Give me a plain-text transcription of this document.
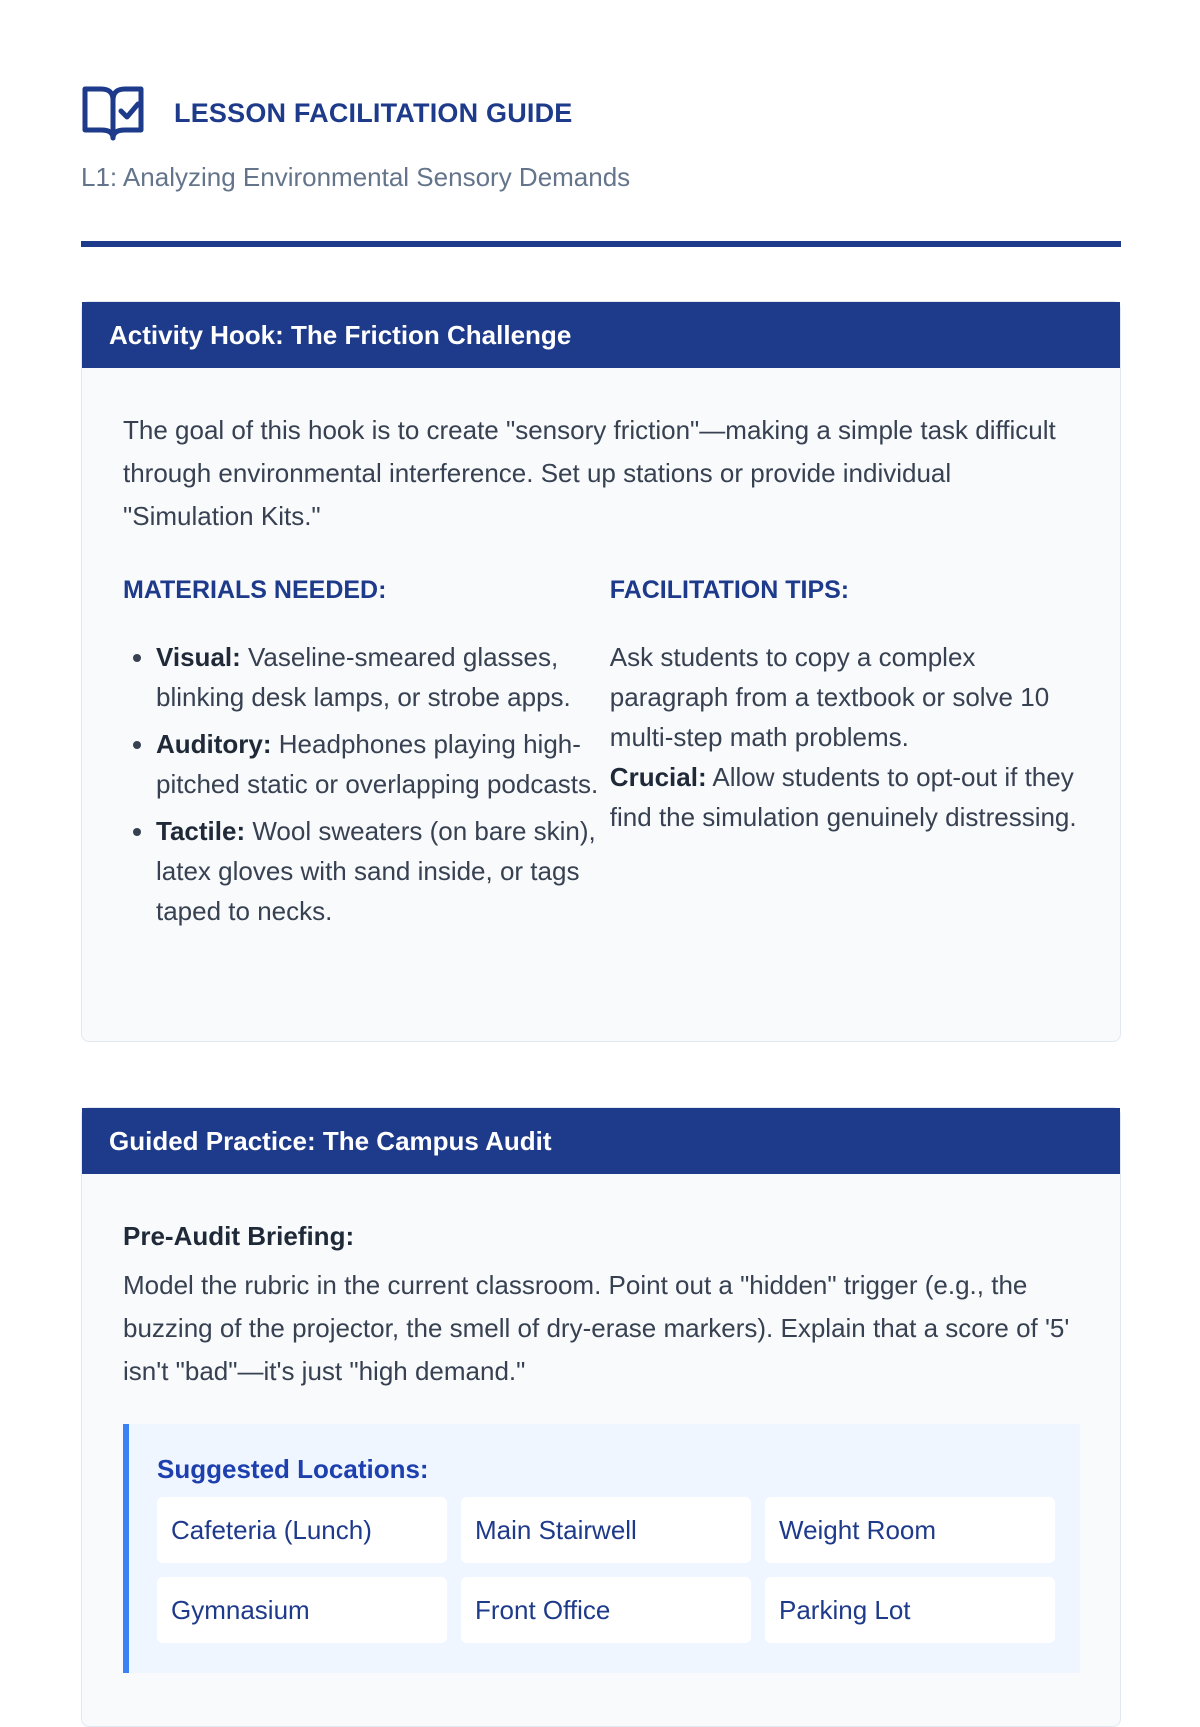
LESSON FACILITATION GUIDE
L1: Analyzing Environmental Sensory Demands
Activity Hook: The Friction Challenge

The goal of this hook is to create "sensory friction"—making a simple task difficult through environmental interference. Set up stations or provide individual "Simulation Kits."

MATERIALS NEEDED:
• Visual: Vaseline-smeared glasses, blinking desk lamps, or strobe apps.
• Auditory: Headphones playing high-pitched static or overlapping podcasts.
• Tactile: Wool sweaters (on bare skin), latex gloves with sand inside, or tags taped to necks.
FACILITATION TIPS:
Ask students to copy a complex paragraph from a textbook or solve 10 multi-step math problems.
Crucial: Allow students to opt-out if they find the simulation genuinely distressing.
Guided Practice: The Campus Audit
Pre-Audit Briefing:
Model the rubric in the current classroom. Point out a "hidden" trigger (e.g., the buzzing of the projector, the smell of dry-erase markers). Explain that a score of '5' isn't "bad"—it's just "high demand."
Suggested Locations:
Cafeteria (Lunch)	Main Stairwell	Weight Room
Gymnasium	Front Office	Parking Lot
